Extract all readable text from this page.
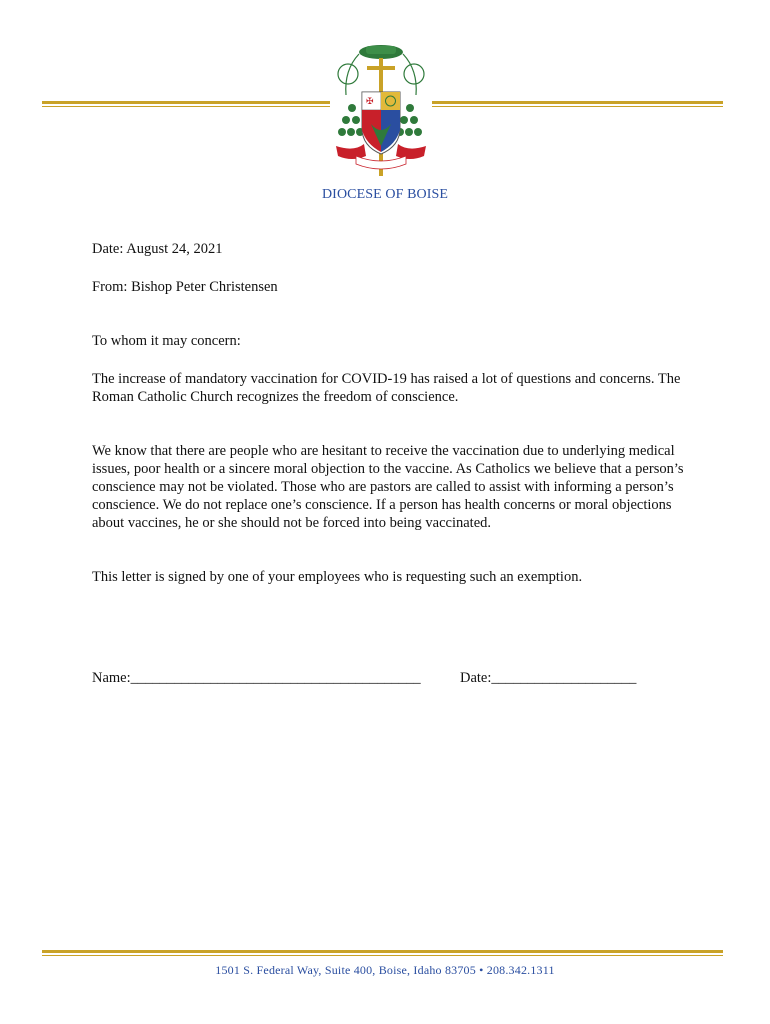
✠
DIOCESE OF BOISE

Date: August 24, 2021

From: Bishop Peter Christensen

To whom it may concern:

The increase of mandatory vaccination for COVID-19 has raised a lot of questions and concerns. The Roman Catholic Church recognizes the freedom of conscience.

We know that there are people who are hesitant to receive the vaccination due to underlying medical issues, poor health or a sincere moral objection to the vaccine. As Catholics we believe that a person’s conscience may not be violated. Those who are pastors are called to assist with informing a person’s conscience. We do not replace one’s conscience. If a person has health concerns or moral objections about vaccines, he or she should not be forced into being vaccinated.

This letter is signed by one of your employees who is requesting such an exemption.

Name:________________________________________	Date:____________________
1501 S. Federal Way, Suite 400, Boise, Idaho 83705 • 208.342.1311
